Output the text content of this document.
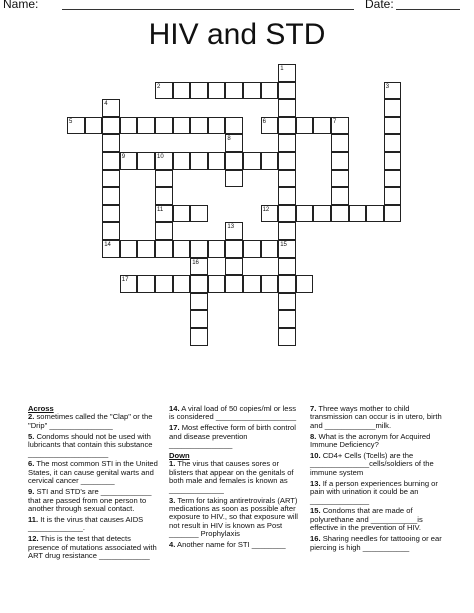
Name:	Date:
HIV and STD
1
2	3
4
5	6	7
8
9	10
11	12
13
14	15
16
17

Across

2. sometimes called the "Clap" or the "Drip" _______________

5. Condoms should not be used with lubricants that contain this substance ___________________

6. The most common STI in the United States, it can cause genital warts and cervical cancer ________

9. STI and STD's are ____________ that are passed from one person to another through sexual contact.

11. It is the virus that causes AIDS _____________.

12. This is the test that detects presence of mutations associated with ART drug resistance ____________

14. A viral load of 50 copies/ml or less is considered ___________________

17. Most effective form of birth control and disease prevention _______________

Down

1. The virus that causes sores or blisters that appear on the genitals of both male and females is known as _____________

3. Term for taking antiretrovirals (ART) medications as soon as possible after exposure to HIV., so that exposure will not result in HIV is known as Post _______ Prophylaxis

4. Another name for STI ________

7. Three ways mother to child transmission can occur is in utero, birth and ____________milk.

8. What is the acronym for Acquired Immune Deficiency?

10. CD4+ Cells (Tcells) are the ______________cells/soldiers of the immune system

13. If a person experiences burning or pain with urination it could be an ______________

15. Condoms that are made of polyurethane and ___________is effective in the prevention of HIV.

16. Sharing needles for tattooing or ear piercing is high ___________
